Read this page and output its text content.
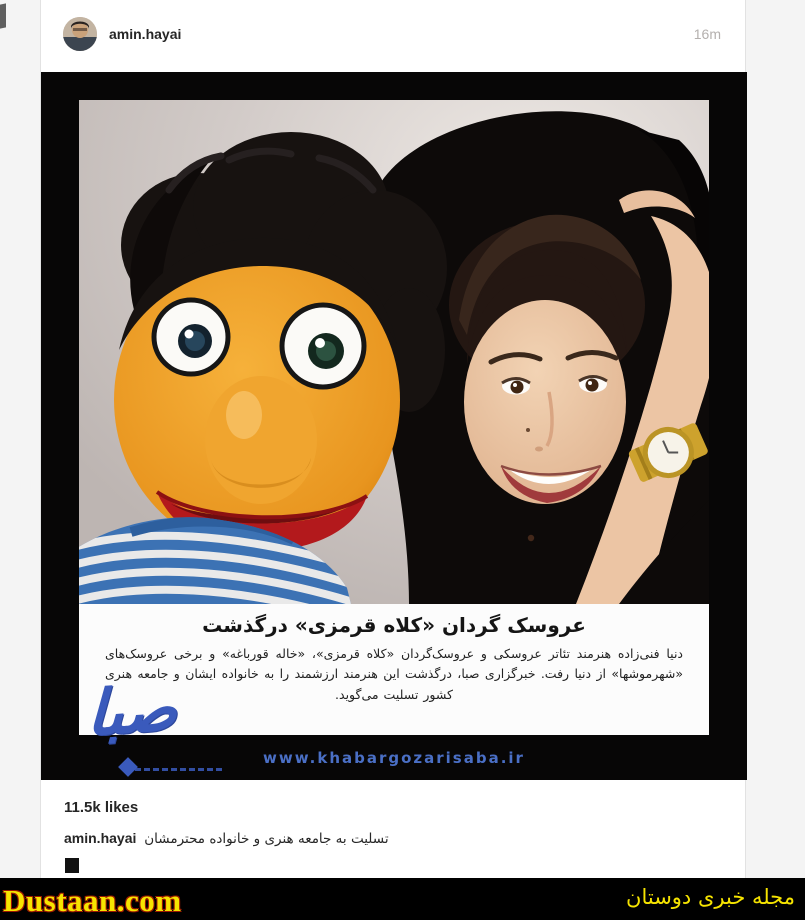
amin.hayai	16m
عروسک گردان «کلاه قرمزی» درگذشت
دنیا فنی‌زاده هنرمند تئاتر عروسکی و عروسک‌گردان «کلاه قرمزی»، «خاله قورباغه» و برخی عروسک‌های «شهرموشها» از دنیا رفت. خبرگزاری صبا، درگذشت این هنرمند ارزشمند را به خانواده ایشان و جامعه هنری کشور تسلیت می‌گوید.
www.khabargozarisaba.ir
صبا
11.5k likes
amin.hayai تسلیت به جامعه هنری و خانواده محترمشان
Dustaan.com	مجله خبری دوستان
